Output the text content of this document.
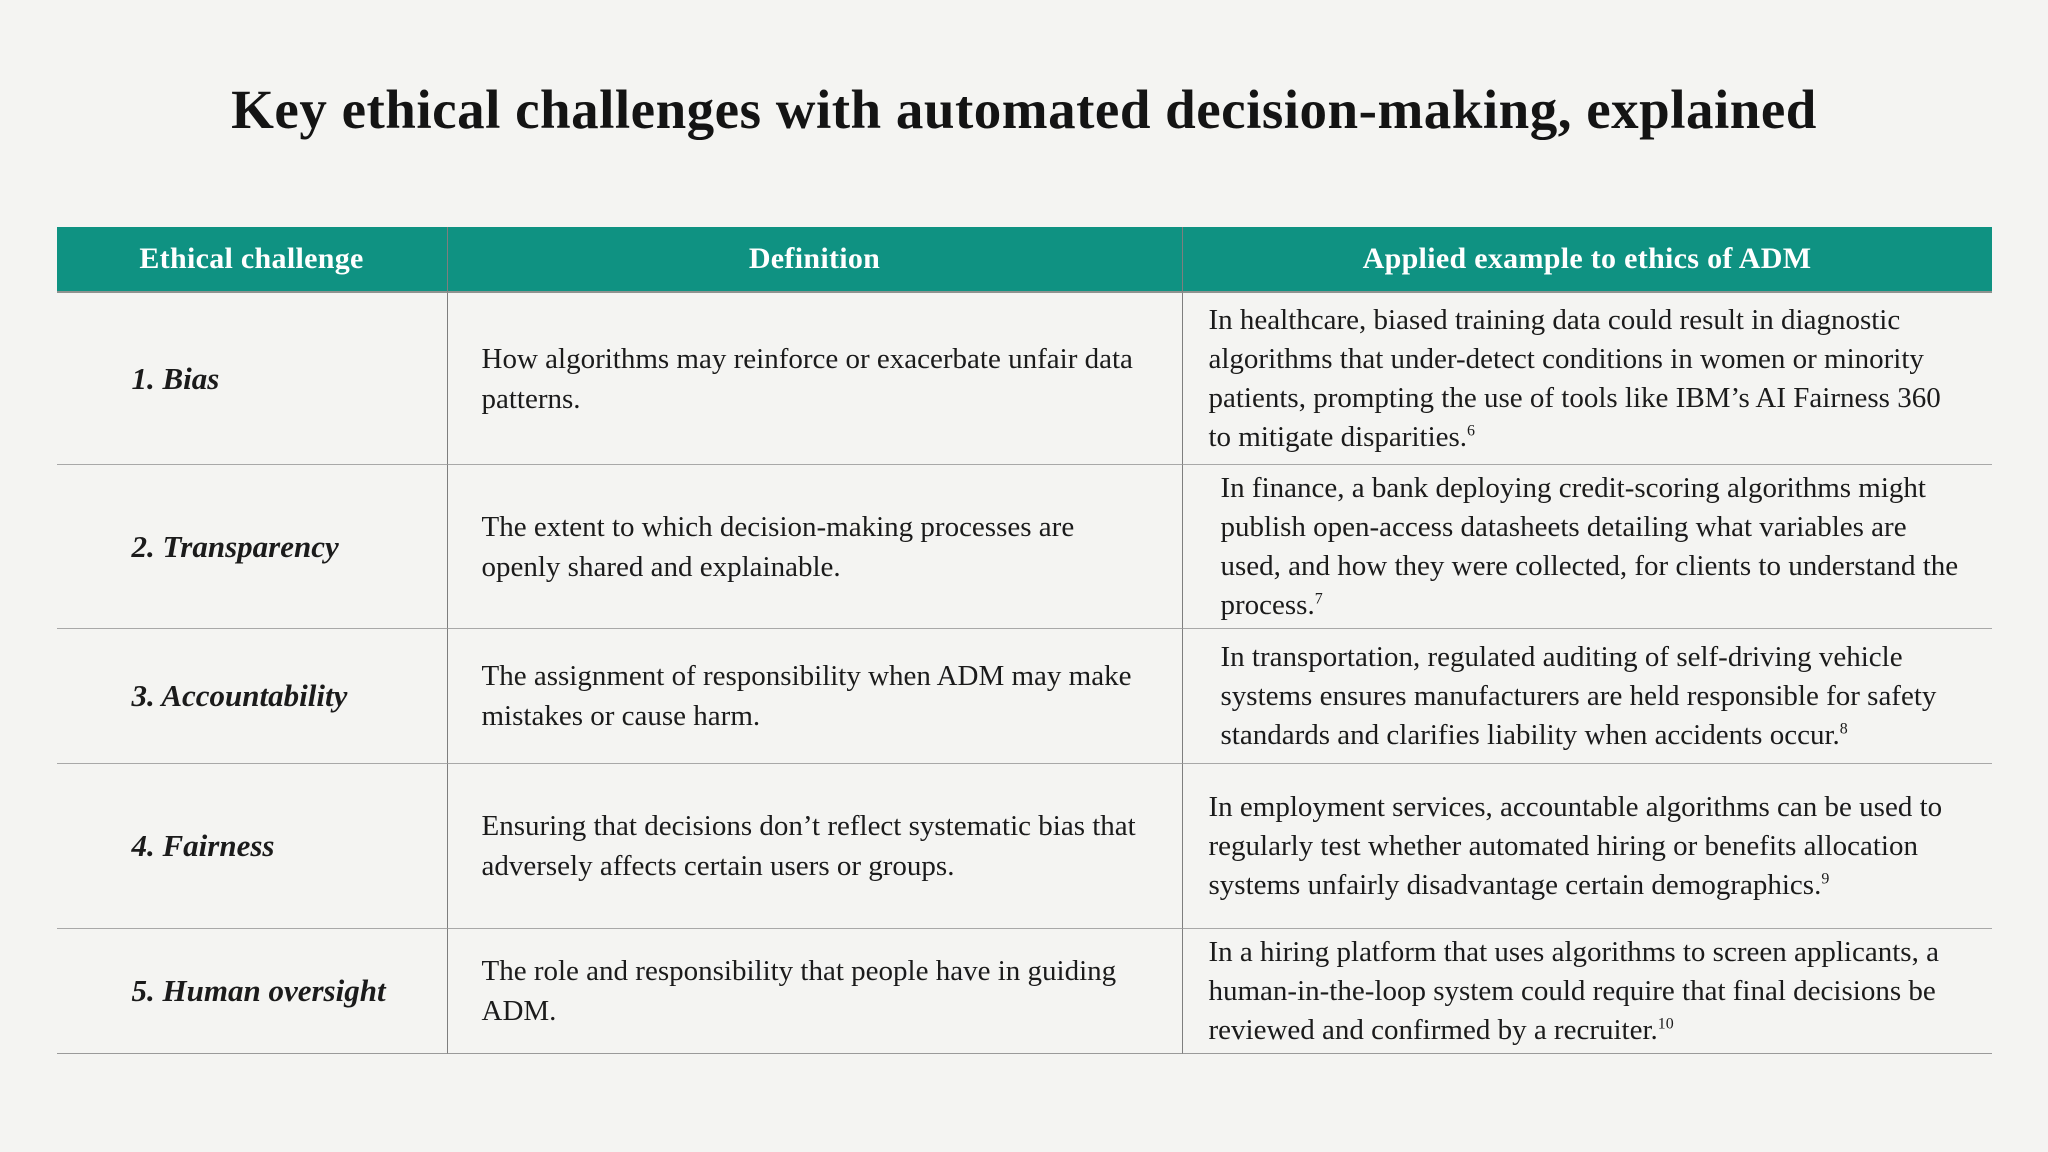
Key ethical challenges with automated decision-making, explained
Ethical challenge	Definition	Applied example to ethics of ADM
1. Bias

How algorithms may reinforce or exacerbate unfair data patterns.

In healthcare, biased training data could result in diagnostic algorithms that under-detect conditions in women or minority patients, prompting the use of tools like IBM’s AI Fairness 360 to mitigate disparities.$^6$

2. Transparency

The extent to which decision-making processes are openly shared and explainable.

In finance, a bank deploying credit-scoring algorithms might publish open-access datasheets detailing what variables are used, and how they were collected, for clients to understand the process.$^7$

3. Accountability

The assignment of responsibility when ADM may make mistakes or cause harm.

In transportation, regulated auditing of self-driving vehicle systems ensures manufacturers are held responsible for safety standards and clarifies liability when accidents occur.$^8$

4. Fairness

Ensuring that decisions don’t reflect systematic bias that adversely affects certain users or groups.

In employment services, accountable algorithms can be used to regularly test whether automated hiring or benefits allocation systems unfairly disadvantage certain demographics.$^9$

5. Human oversight

The role and responsibility that people have in guiding ADM.

In a hiring platform that uses algorithms to screen applicants, a human-in-the-loop system could require that final decisions be reviewed and confirmed by a recruiter.$^{10}$
